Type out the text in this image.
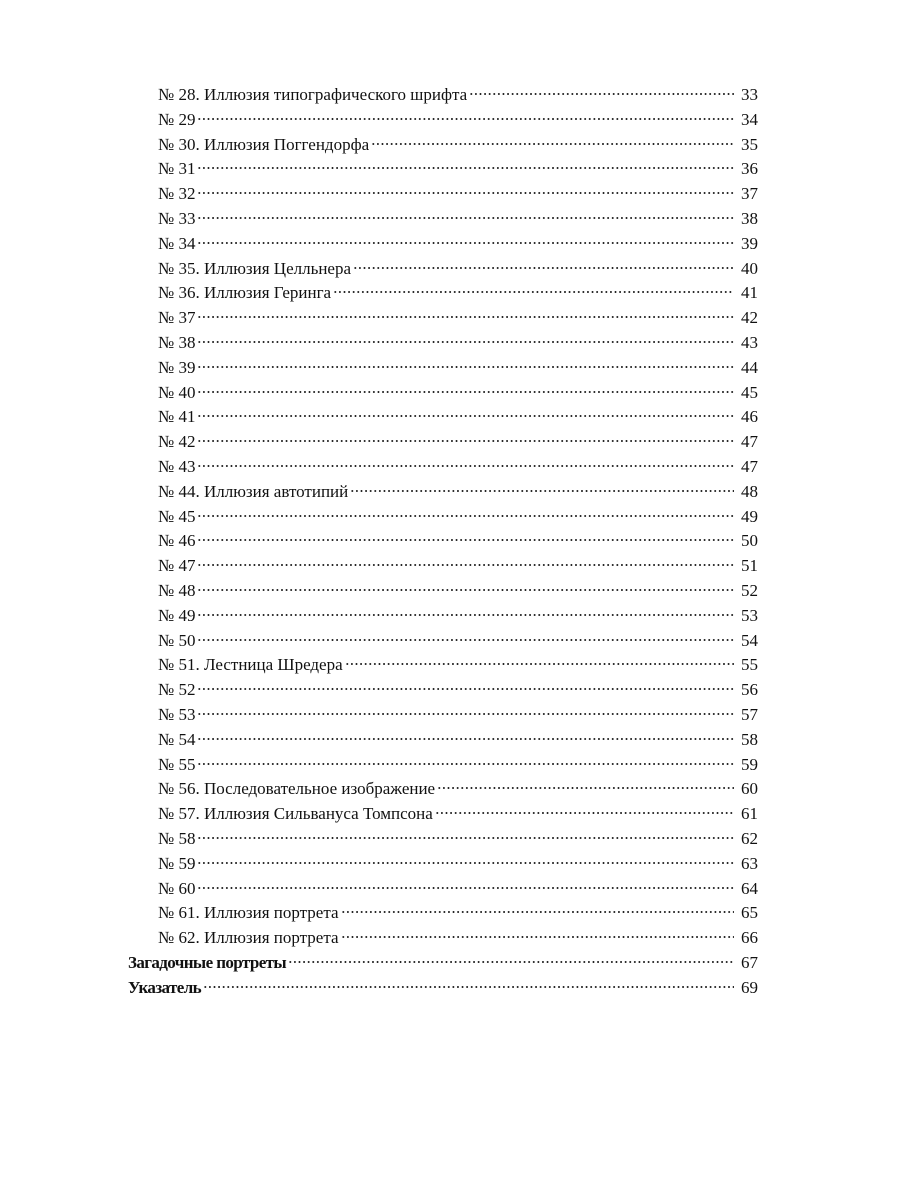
№ 28. Иллюзия типографического шрифта	33
№ 29	34
№ 30. Иллюзия Поггендорфа	35
№ 31	36
№ 32	37
№ 33	38
№ 34	39
№ 35. Иллюзия Целльнера	40
№ 36. Иллюзия Геринга	41
№ 37	42
№ 38	43
№ 39	44
№ 40	45
№ 41	46
№ 42	47
№ 43	47
№ 44. Иллюзия автотипий	48
№ 45	49
№ 46	50
№ 47	51
№ 48	52
№ 49	53
№ 50	54
№ 51. Лестница Шредера	55
№ 52	56
№ 53	57
№ 54	58
№ 55	59
№ 56. Последовательное изображение	60
№ 57. Иллюзия Сильвануса Томпсона	61
№ 58	62
№ 59	63
№ 60	64
№ 61. Иллюзия портрета	65
№ 62. Иллюзия портрета	66
Загадочные портреты	67
Указатель	69
